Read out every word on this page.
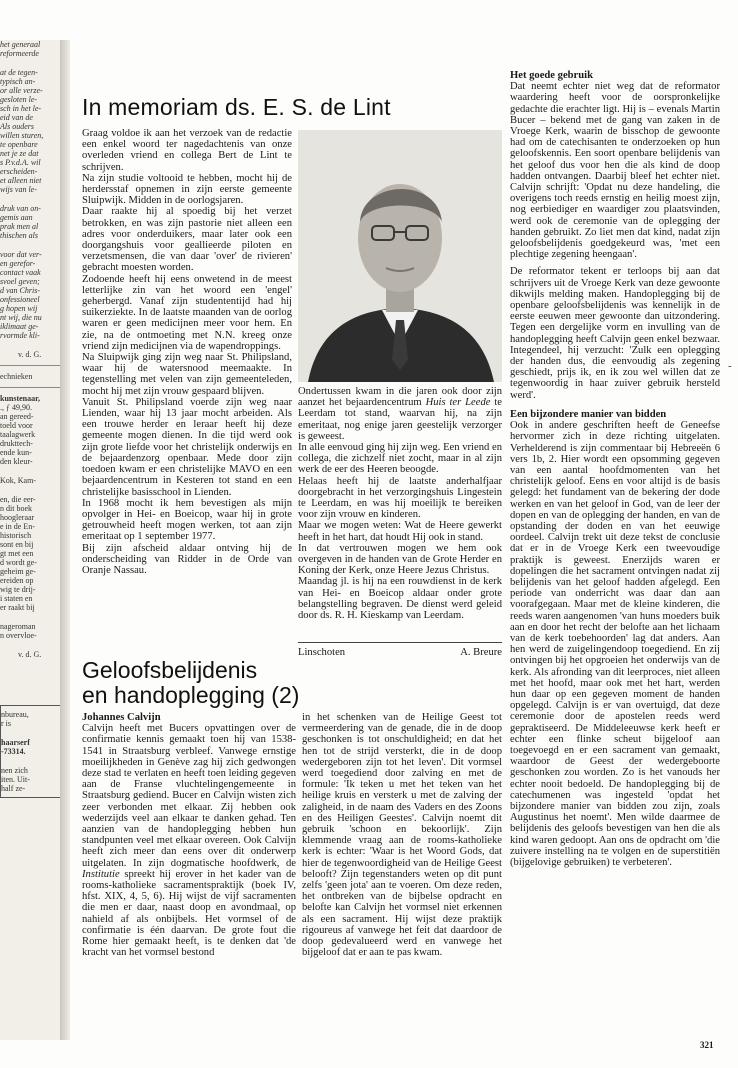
het generaal
reformeerde
at de tegen-
typisch an-
or alle verze-
gesloten le-
sch in het le-
eid van de
Als ouders
willen sturen,
te openbare
net je ze dat
s P.v.d.A. wil
erscheiden-
et alleen niet
wijs van le-
druk van on-
gemis aan
prak men al
thischen als
voor dat ver-
en gerefor-
contact vaak
svoel geven;
d van Chris-
onfessioneel
g hopen wij
nt wij, die nu
iklimaat ge-
rvormde kli-
v. d. G.
echnieken
kunstenaar,
., ƒ 49,90.
an gereed-
toeld voor
taalagwerk
drukttech-
ende kun-
den kleur-
Kok, Kam-
en, die eer-
n dit boek
hoogleraar
e in de En-
historisch
sont en bij
gt met een
d wordt ge-
geheim ge-
ereiden op
wig te drij-
i staten en
er raakt bij
nageroman
n overvloe-
v. d. G.
nbureau,
r is
haarserf
-73314.
nen zich
iten. Uit-
half ze-
In memoriam ds. E. S. de Lint

Graag voldoe ik aan het verzoek van de redactie een enkel woord ter nagedachtenis van onze overleden vriend en collega Bert de Lint te schrijven.

Na zijn studie voltooid te hebben, mocht hij de herdersstaf opnemen in zijn eerste gemeente Sluipwijk. Midden in de oorlogsjaren.

Daar raakte hij al spoedig bij het verzet betrokken, en was zijn pastorie niet alleen een adres voor onderduikers, maar later ook een doorgangshuis voor geallieerde piloten en verzetsmensen, die van daar 'over' de rivieren' gebracht moesten worden.

Zodoende heeft hij eens onwetend in de meest letterlijke zin van het woord een 'engel' geherbergd. Vanaf zijn studententijd had hij suikerziekte. In de laatste maanden van de oorlog waren er geen medicijnen meer voor hem. En zie, na de ontmoeting met N.N. kreeg onze vriend zijn medicijnen via de wapendroppings.

Na Sluipwijk ging zijn weg naar St. Philipsland, waar hij de watersnood meemaakte. In tegenstelling met velen van zijn gemeenteleden, mocht hij met zijn vrouw gespaard blijven.

Vanuit St. Philipsland voerde zijn weg naar Lienden, waar hij 13 jaar mocht arbeiden. Als een trouwe herder en leraar heeft hij deze gemeente mogen dienen. In die tijd werd ook zijn grote liefde voor het christelijk onderwijs en de bejaardenzorg openbaar. Mede door zijn toedoen kwam er een christelijke MAVO en een bejaardencentrum in Kesteren tot stand en een christelijke basisschool in Lienden.

In 1968 mocht ik hem bevestigen als mijn opvolger in Hei- en Boeicop, waar hij in grote getrouwheid heeft mogen werken, tot aan zijn emeritaat op 1 september 1977.

Bij zijn afscheid aldaar ontving hij de onderscheiding van Ridder in de Orde van Oranje Nassau.

Ondertussen kwam in die jaren ook door zijn aanzet het bejaardencentrum Huis ter Leede te Leerdam tot stand, waarvan hij, na zijn emeritaat, nog enige jaren geestelijk verzorger is geweest.

In alle eenvoud ging hij zijn weg. Een vriend en collega, die zichzelf niet zocht, maar in al zijn werk de eer des Heeren beoogde.

Helaas heeft hij de laatste anderhalfjaar doorgebracht in het verzorgingshuis Lingestein te Leerdam, en was hij moeilijk te bereiken voor zijn vrouw en kinderen.

Maar we mogen weten: Wat de Heere gewerkt heeft in het hart, dat houdt Hij ook in stand.

In dat vertrouwen mogen we hem ook overgeven in de handen van de Grote Herder en Koning der Kerk, onze Heere Jezus Christus.

Maandag jl. is hij na een rouwdienst in de kerk van Hei- en Boeicop aldaar onder grote belangstelling begraven. De dienst werd geleid door ds. R. H. Kieskamp van Leerdam.

Linschoten	A. Breure
Geloofsbelijdenis
en handoplegging (2)
Johannes Calvijn

Calvijn heeft met Bucers opvattingen over de confirmatie kennis gemaakt toen hij van 1538-1541 in Straatsburg verbleef. Vanwege ernstige moeilijkheden in Genève zag hij zich gedwongen deze stad te verlaten en heeft toen leiding gegeven aan de Franse vluchtelingengemeente in Straatsburg gediend. Bucer en Calvijn wisten zich zeer verbonden met elkaar. Zij hebben ook wederzijds veel aan elkaar te danken gehad. Ten aanzien van de handoplegging hebben hun standpunten veel met elkaar overeen. Ook Calvijn heeft zich meer dan eens over dit onderwerp uitgelaten. In zijn dogmatische hoofdwerk, de Institutie spreekt hij erover in het kader van de rooms-katholieke sacramentspraktijk (boek IV, hfst. XIX, 4, 5, 6). Hij wijst de vijf sacramenten die men er daar, naast doop en avondmaal, op nahield af als onbijbels. Het vormsel of de confirmatie is één daarvan. De grote fout die Rome hier gemaakt heeft, is te denken dat 'de kracht van het vormsel bestond

in het schenken van de Heilige Geest tot vermeerdering van de genade, die in de doop geschonken is tot onschuldigheid; en dat het hen tot de strijd versterkt, die in de doop wedergeboren zijn tot het leven'. Dit vormsel werd toegediend door zalving en met de formule: 'Ik teken u met het teken van het heilige kruis en versterk u met de zalving der zaligheid, in de naam des Vaders en des Zoons en des Heiligen Geestes'. Calvijn noemt dit gebruik 'schoon en bekoorlijk'. Zijn klemmende vraag aan de rooms-katholieke kerk is echter: 'Waar is het Woord Gods, dat hier de tegenwoordigheid van de Heilige Geest belooft? Zijn tegenstanders weten op dit punt zelfs 'geen jota' aan te voeren. Om deze reden, het ontbreken van de bijbelse opdracht en belofte kan Calvijn het vormsel niet erkennen als een sacrament. Hij wijst deze praktijk rigoureus af vanwege het feit dat daardoor de doop gedevalueerd werd en vanwege het bijgeloof dat er aan te pas kwam.

Het goede gebruik

Dat neemt echter niet weg dat de reformator waardering heeft voor de oorspronkelijke gedachte die erachter ligt. Hij is – evenals Martin Bucer – bekend met de gang van zaken in de Vroege Kerk, waarin de bisschop de gewoonte had om de catechisanten te onderzoeken op hun geloofskennis. Een soort openbare belijdenis van het geloof dus voor hen die als kind de doop hadden ontvangen. Daarbij bleef het echter niet. Calvijn schrijft: 'Opdat nu deze handeling, die overigens toch reeds ernstig en heilig moest zijn, nog eerbiediger en waardiger zou plaatsvinden, werd ook de ceremonie van de oplegging der handen gebruikt. Zo liet men dat kind, nadat zijn geloofsbelijdenis goedgekeurd was, 'met een plechtige zegening heengaan'.

De reformator tekent er terloops bij aan dat schrijvers uit de Vroege Kerk van deze gewoonte dikwijls melding maken. Handoplegging bij de openbare geloofsbelijdenis was kennelijk in de eerste eeuwen meer gewoonte dan uitzondering. Tegen een dergelijke vorm en invulling van de handoplegging heeft Calvijn geen enkel bezwaar. Integendeel, hij verzucht: 'Zulk een oplegging der handen dus, die eenvoudig als zegening geschiedt, prijs ik, en ik zou wel willen dat ze tegenwoordig in haar zuiver gebruik hersteld werd'.

Een bijzondere manier van bidden

Ook in andere geschriften heeft de Geneefse hervormer zich in deze richting uitgelaten. Verhelderend is zijn commentaar bij Hebreeën 6 vers 1b, 2. Hier wordt een opsomming gegeven van een aantal hoofdmomenten van het christelijk geloof. Eens en voor altijd is de basis gelegd: het fundament van de bekering der dode werken en van het geloof in God, van de leer der dopen en van de oplegging der handen, en van de opstanding der doden en van het eeuwige oordeel. Calvijn trekt uit deze tekst de conclusie dat er in de Vroege Kerk een tweevoudige praktijk is geweest. Enerzijds waren er dopelingen die het sacrament ontvingen nadat zij belijdenis van het geloof hadden afgelegd. Een periode van onderricht was daar dan aan voorafgegaan. Maar met de kleine kinderen, die reeds waren aangenomen 'van huns moeders buik aan en door het recht der belofte aan het lichaam van de kerk toebehoorden' lag dat anders. Aan hen werd de zuigelingendoop toegediend. En zij ontvingen bij het opgroeien het onderwijs van de kerk. Als afronding van dit leerproces, niet alleen met het hoofd, maar ook met het hart, werden hun daar op een gegeven moment de handen opgelegd. Calvijn is er van overtuigd, dat deze ceremonie door de apostelen reeds werd gepraktiseerd. De Middeleeuwse kerk heeft er echter een flinke scheut bijgeloof aan toegevoegd en er een sacrament van gemaakt, waardoor de Geest der wedergeboorte geschonken zou worden. Zo is het vanouds her echter nooit bedoeld. De handoplegging bij de catechumenen was ingesteld 'opdat het bijzondere manier van bidden zou zijn, zoals Augustinus het noemt'. Men wilde daarmee de belijdenis des geloofs bevestigen van hen die als kind waren gedoopt. Aan ons de opdracht om 'die zuivere instelling na te volgen en de superstitiën (bijgelovige gebruiken) te verbeteren'.

-
321
